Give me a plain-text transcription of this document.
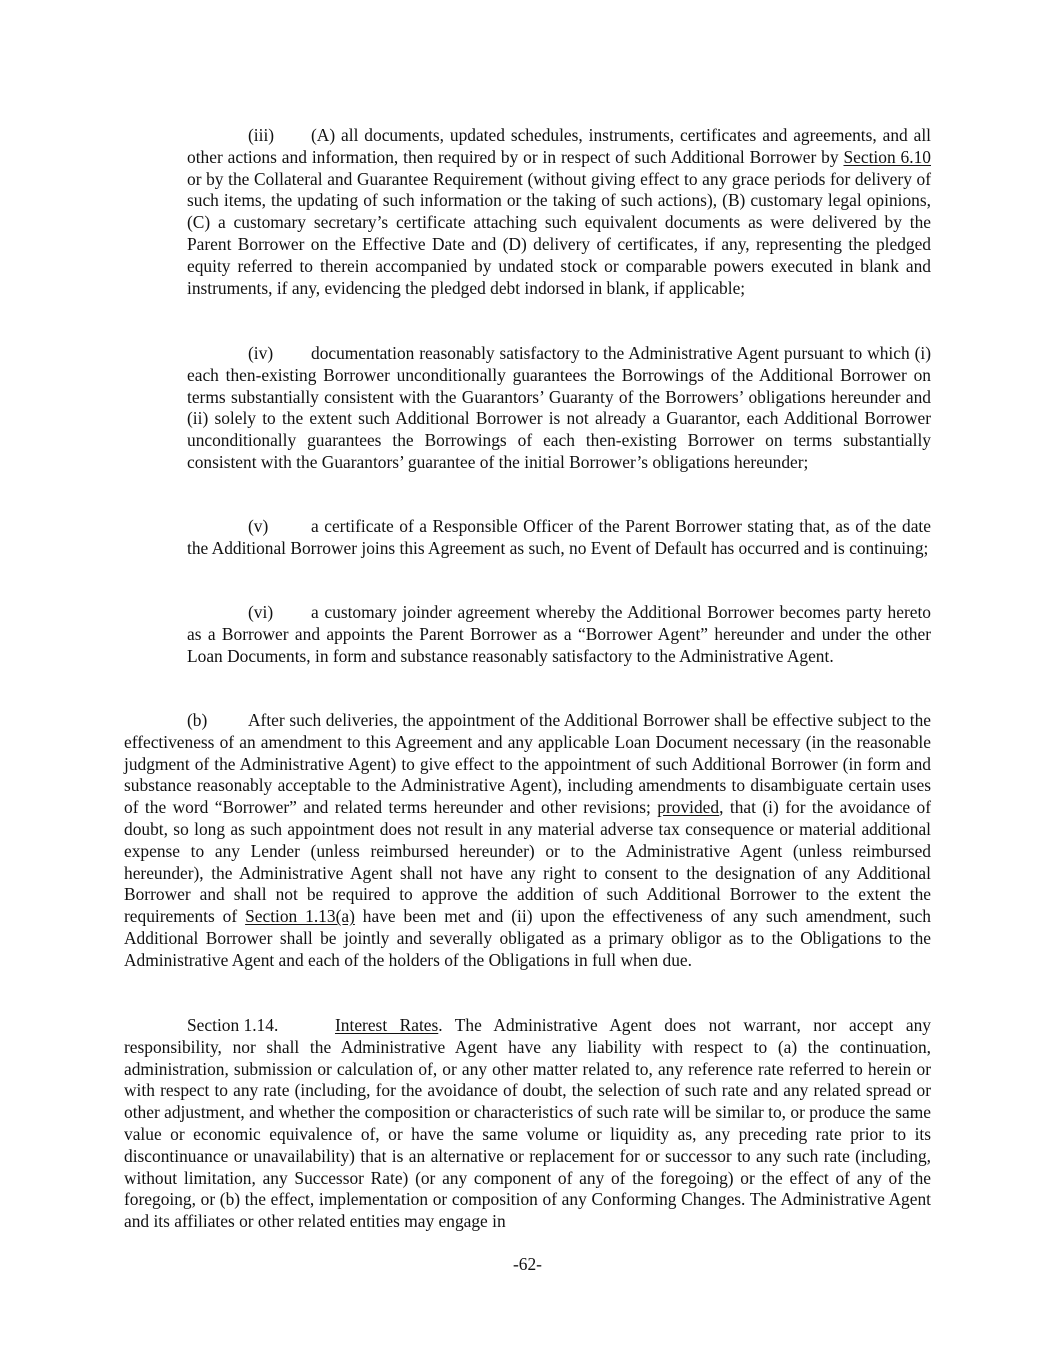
(iii) (A) all documents, updated schedules, instruments, certificates and agreements, and all other actions and information, then required by or in respect of such Additional Borrower by Section 6.10 or by the Collateral and Guarantee Requirement (without giving effect to any grace periods for delivery of such items, the updating of such information or the taking of such actions), (B) customary legal opinions, (C) a customary secretary’s certificate attaching such equivalent documents as were delivered by the Parent Borrower on the Effective Date and (D) delivery of certificates, if any, representing the pledged equity referred to therein accompanied by undated stock or comparable powers executed in blank and instruments, if any, evidencing the pledged debt indorsed in blank, if applicable;

(iv) documentation reasonably satisfactory to the Administrative Agent pursuant to which (i) each then-existing Borrower unconditionally guarantees the Borrowings of the Additional Borrower on terms substantially consistent with the Guarantors’ Guaranty of the Borrowers’ obligations hereunder and (ii) solely to the extent such Additional Borrower is not already a Guarantor, each Additional Borrower unconditionally guarantees the Borrowings of each then-existing Borrower on terms substantially consistent with the Guarantors’ guarantee of the initial Borrower’s obligations hereunder;

(v) a certificate of a Responsible Officer of the Parent Borrower stating that, as of the date the Additional Borrower joins this Agreement as such, no Event of Default has occurred and is continuing;

(vi) a customary joinder agreement whereby the Additional Borrower becomes party hereto as a Borrower and appoints the Parent Borrower as a “Borrower Agent” hereunder and under the other Loan Documents, in form and substance reasonably satisfactory to the Administrative Agent.

(b) After such deliveries, the appointment of the Additional Borrower shall be effective subject to the effectiveness of an amendment to this Agreement and any applicable Loan Document necessary (in the reasonable judgment of the Administrative Agent) to give effect to the appointment of such Additional Borrower (in form and substance reasonably acceptable to the Administrative Agent), including amendments to disambiguate certain uses of the word “Borrower” and related terms hereunder and other revisions; provided, that (i) for the avoidance of doubt, so long as such appointment does not result in any material adverse tax consequence or material additional expense to any Lender (unless reimbursed hereunder) or to the Administrative Agent (unless reimbursed hereunder), the Administrative Agent shall not have any right to consent to the designation of any Additional Borrower and shall not be required to approve the addition of such Additional Borrower to the extent the requirements of Section 1.13(a) have been met and (ii) upon the effectiveness of any such amendment, such Additional Borrower shall be jointly and severally obligated as a primary obligor as to the Obligations to the Administrative Agent and each of the holders of the Obligations in full when due.

Section 1.14.	Interest Rates. The Administrative Agent does not warrant, nor accept any responsibility, nor shall the Administrative Agent have any liability with respect to (a) the continuation, administration, submission or calculation of, or any other matter related to, any reference rate referred to herein or with respect to any rate (including, for the avoidance of doubt, the selection of such rate and any related spread or other adjustment, and whether the composition or characteristics of such rate will be similar to, or produce the same value or economic equivalence of, or have the same volume or liquidity as, any preceding rate prior to its discontinuance or unavailability) that is an alternative or replacement for or successor to any such rate (including, without limitation, any Successor Rate) (or any component of any of the foregoing) or the effect of any of the foregoing, or (b) the effect, implementation or composition of any Conforming Changes. The Administrative Agent and its affiliates or other related entities may engage in

-62-
